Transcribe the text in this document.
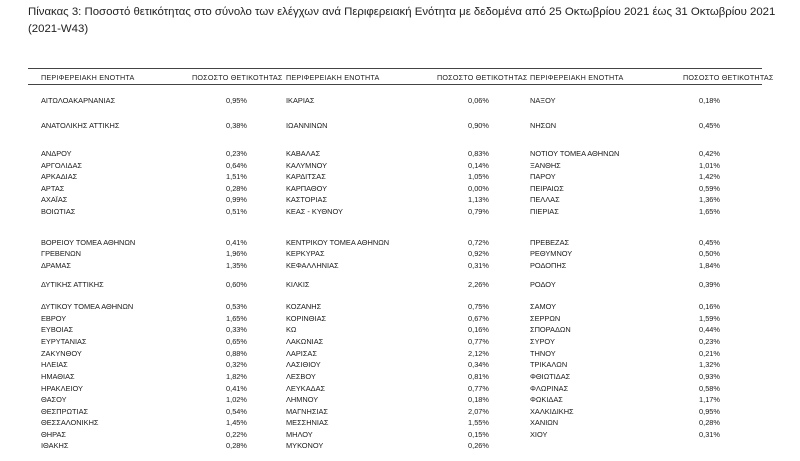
Πίνακας 3: Ποσοστό θετικότητας στο σύνολο των ελέγχων ανά Περιφερειακή Ενότητα με δεδομένα από 25 Οκτωβρίου 2021 έως 31 Οκτωβρίου 2021 (2021-W43)
ΠΕΡΙΦΕΡΕΙΑΚΗ ΕΝΟΤΗΤΑ	ΠΟΣΟΣΤΟ ΘΕΤΙΚΟΤΗΤΑΣ ΠΕΡΙΦΕΡΕΙΑΚΗ ΕΝΟΤΗΤΑ	ΠΟΣΟΣΤΟ ΘΕΤΙΚΟΤΗΤΑΣ ΠΕΡΙΦΕΡΕΙΑΚΗ ΕΝΟΤΗΤΑ	ΠΟΣΟΣΤΟ ΘΕΤΙΚΟΤΗΤΑΣ
ΑΙΤΩΛΟΑΚΑΡΝΑΝΙΑΣ	0,95%
ΑΝΑΤΟΛΙΚΗΣ ΑΤΤΙΚΗΣ	0,38%
ΑΝΔΡΟΥ	0,23%
ΑΡΓΟΛΙΔΑΣ	0,64%
ΑΡΚΑΔΙΑΣ	1,51%
ΑΡΤΑΣ	0,28%
ΑΧΑΪΑΣ	0,99%
ΒΟΙΩΤΙΑΣ	0,51%
ΒΟΡΕΙΟΥ ΤΟΜΕΑ ΑΘΗΝΩΝ	0,41%
ΓΡΕΒΕΝΩΝ	1,96%
ΔΡΑΜΑΣ	1,35%
ΔΥΤΙΚΗΣ ΑΤΤΙΚΗΣ	0,60%
ΔΥΤΙΚΟΥ ΤΟΜΕΑ ΑΘΗΝΩΝ	0,53%
ΕΒΡΟΥ	1,65%
ΕΥΒΟΙΑΣ	0,33%
ΕΥΡΥΤΑΝΙΑΣ	0,65%
ΖΑΚΥΝΘΟΥ	0,88%
ΗΛΕΙΑΣ	0,32%
ΗΜΑΘΙΑΣ	1,82%
ΗΡΑΚΛΕΙΟΥ	0,41%
ΘΑΣΟΥ	1,02%
ΘΕΣΠΡΩΤΙΑΣ	0,54%
ΘΕΣΣΑΛΟΝΙΚΗΣ	1,45%
ΘΗΡΑΣ	0,22%
ΙΘΑΚΗΣ	0,28%
ΙΚΑΡΙΑΣ	0,06%
ΙΩΑΝΝΙΝΩΝ	0,90%
ΚΑΒΑΛΑΣ	0,83%
ΚΑΛΥΜΝΟΥ	0,14%
ΚΑΡΔΙΤΣΑΣ	1,05%
ΚΑΡΠΑΘΟΥ	0,00%
ΚΑΣΤΟΡΙΑΣ	1,13%
ΚΕΑΣ - ΚΥΘΝΟΥ	0,79%
ΚΕΝΤΡΙΚΟΥ ΤΟΜΕΑ ΑΘΗΝΩΝ	0,72%
ΚΕΡΚΥΡΑΣ	0,92%
ΚΕΦΑΛΛΗΝΙΑΣ	0,31%
ΚΙΛΚΙΣ	2,26%
ΚΟΖΑΝΗΣ	0,75%
ΚΟΡΙΝΘΙΑΣ	0,67%
ΚΩ	0,16%
ΛΑΚΩΝΙΑΣ	0,77%
ΛΑΡΙΣΑΣ	2,12%
ΛΑΣΙΘΙΟΥ	0,34%
ΛΕΣΒΟΥ	0,81%
ΛΕΥΚΑΔΑΣ	0,77%
ΛΗΜΝΟΥ	0,18%
ΜΑΓΝΗΣΙΑΣ	2,07%
ΜΕΣΣΗΝΙΑΣ	1,55%
ΜΗΛΟΥ	0,15%
ΜΥΚΟΝΟΥ	0,26%
ΝΑΞΟΥ	0,18%
ΝΗΣΩΝ	0,45%
ΝΟΤΙΟΥ ΤΟΜΕΑ ΑΘΗΝΩΝ	0,42%
ΞΑΝΘΗΣ	1,01%
ΠΑΡΟΥ	1,42%
ΠΕΙΡΑΙΩΣ	0,59%
ΠΕΛΛΑΣ	1,36%
ΠΙΕΡΙΑΣ	1,65%
ΠΡΕΒΕΖΑΣ	0,45%
ΡΕΘΥΜΝΟΥ	0,50%
ΡΟΔΟΠΗΣ	1,84%
ΡΟΔΟΥ	0,39%
ΣΑΜΟΥ	0,16%
ΣΕΡΡΩΝ	1,59%
ΣΠΟΡΑΔΩΝ	0,44%
ΣΥΡΟΥ	0,23%
ΤΗΝΟΥ	0,21%
ΤΡΙΚΑΛΩΝ	1,32%
ΦΘΙΩΤΙΔΑΣ	0,93%
ΦΛΩΡΙΝΑΣ	0,58%
ΦΩΚΙΔΑΣ	1,17%
ΧΑΛΚΙΔΙΚΗΣ	0,95%
ΧΑΝΙΩΝ	0,28%
ΧΙΟΥ	0,31%
